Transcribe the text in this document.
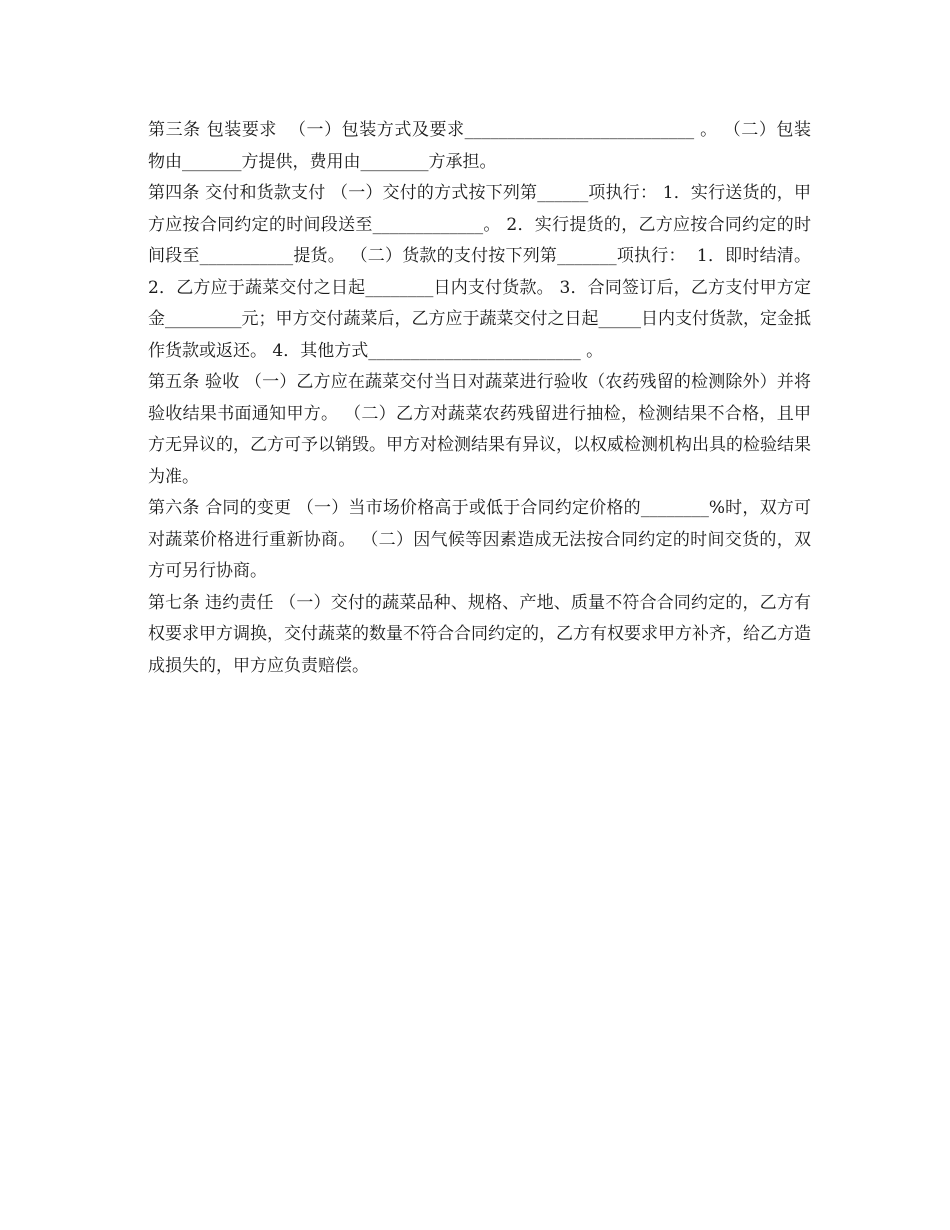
第三条 包装要求  （一）包装方式及要求___________________________ 。 （二）包装物由_______方提供，费用由________方承担。

第四条 交付和货款支付 （一）交付的方式按下列第______项执行： 1．实行送货的，甲方应按合同约定的时间段送至_____________。 2．实行提货的，乙方应按合同约定的时间段至___________提货。 （二）货款的支付按下列第_______项执行：  1．即时结清。 2．乙方应于蔬菜交付之日起________日内支付货款。 3．合同签订后，乙方支付甲方定金_________元；甲方交付蔬菜后，乙方应于蔬菜交付之日起_____日内支付货款，定金抵作货款或返还。 4．其他方式_________________________ 。

第五条 验收 （一）乙方应在蔬菜交付当日对蔬菜进行验收（农药残留的检测除外）并将验收结果书面通知甲方。 （二）乙方对蔬菜农药残留进行抽检，检测结果不合格，且甲方无异议的，乙方可予以销毁。甲方对检测结果有异议，以权威检测机构出具的检验结果为准。

第六条 合同的变更 （一）当市场价格高于或低于合同约定价格的________%时，双方可对蔬菜价格进行重新协商。 （二）因气候等因素造成无法按合同约定的时间交货的，双方可另行协商。

第七条 违约责任 （一）交付的蔬菜品种、规格、产地、质量不符合合同约定的，乙方有权要求甲方调换，交付蔬菜的数量不符合合同约定的，乙方有权要求甲方补齐，给乙方造成损失的，甲方应负责赔偿。
